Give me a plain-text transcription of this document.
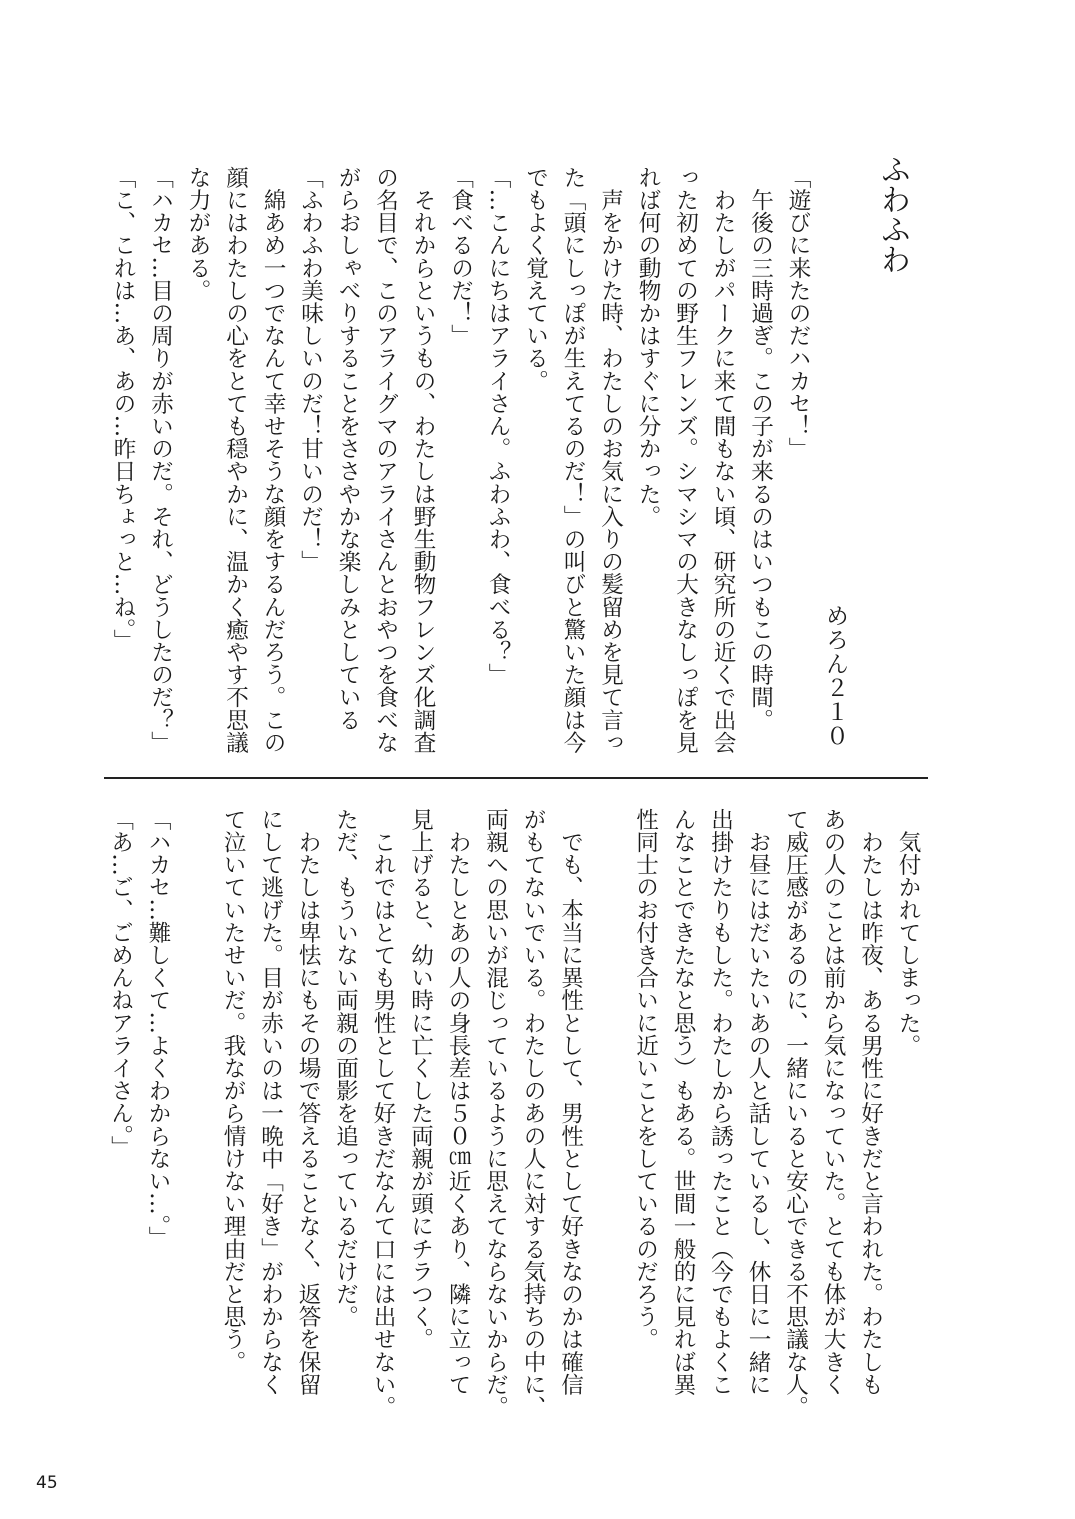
ふわふわ
めろん２１０
「遊びに来たのだハカセ！」
　午後の三時過ぎ。この子が来るのはいつもこの時間。
　わたしがパークに来て間もない頃、研究所の近くで出会
った初めての野生フレンズ。シマシマの大きなしっぽを見
れば何の動物かはすぐに分かった。
　声をかけた時、わたしのお気に入りの髪留めを見て言っ
た「頭にしっぽが生えてるのだ！」の叫びと驚いた顔は今
でもよく覚えている。
「…こんにちはアライさん。ふわふわ、食べる？」
「食べるのだ！」
　それからというもの、わたしは野生動物フレンズ化調査
の名目で、このアライグマのアライさんとおやつを食べな
がらおしゃべりすることをささやかな楽しみとしている
「ふわふわ美味しいのだ！甘いのだ！」
　綿あめ一つでなんて幸せそうな顔をするんだろう。この
顔にはわたしの心をとても穏やかに、温かく癒やす不思議
な力がある。
「ハカセ…目の周りが赤いのだ。それ、どうしたのだ？」
「こ、これは…あ、あの…昨日ちょっと…ね。」
　気付かれてしまった。
　わたしは昨夜、ある男性に好きだと言われた。わたしも
あの人のことは前から気になっていた。とても体が大きく
て威圧感があるのに、一緒にいると安心できる不思議な人。
　お昼にはだいたいあの人と話しているし、休日に一緒に
出掛けたりもした。わたしから誘ったこと（今でもよくこ
んなことできたなと思う）もある。世間一般的に見れば異
性同士のお付き合いに近いことをしているのだろう。
　でも、本当に異性として、男性として好きなのかは確信
がもてないでいる。わたしのあの人に対する気持ちの中に、
両親への思いが混じっているように思えてならないからだ。
　わたしとあの人の身長差は５０㎝近くあり、隣に立って
見上げると、幼い時に亡くした両親が頭にチラつく。
　これではとても男性として好きだなんて口には出せない。
ただ、もういない両親の面影を追っているだけだ。
　わたしは卑怯にもその場で答えることなく、返答を保留
にして逃げた。目が赤いのは一晩中「好き」がわからなく
て泣いていたせいだ。我ながら情けない理由だと思う。
「ハカセ…難しくて…よくわからない…。」
「あ…ご、ごめんねアライさん。」
45
